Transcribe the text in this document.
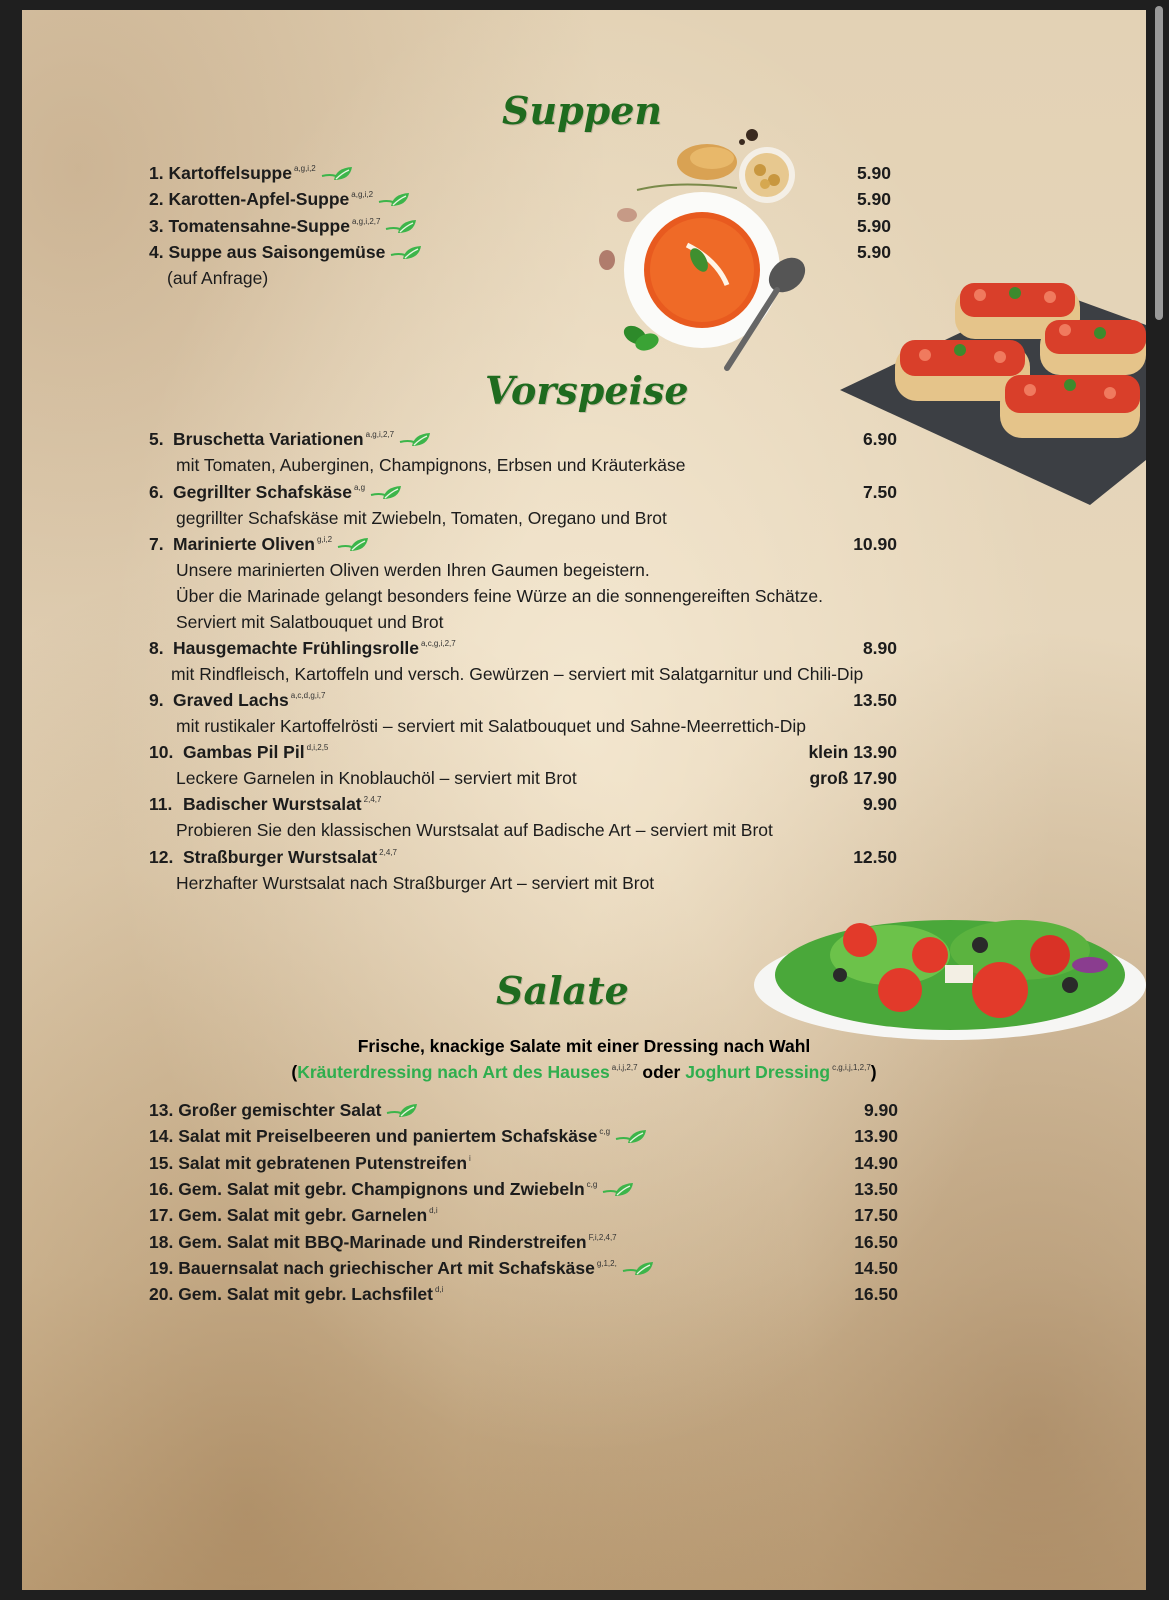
Suppen
1. Kartoffelsuppe $^{a,g,i,2}$	5.90
2. Karotten-Apfel-Suppe $^{a,g,i,2}$	5.90
3. Tomatensahne-Suppe $^{a,g,i,2,7}$	5.90
4. Suppe aus Saisongemüse	5.90
(auf Anfrage)
Vorspeise
5. Bruschetta Variationen $^{a,g,i,2,7}$	6.90
mit Tomaten, Auberginen, Champignons, Erbsen und Kräuterkäse
6. Gegrillter Schafskäse $^{a,g}$	7.50
gegrillter Schafskäse mit Zwiebeln, Tomaten, Oregano und Brot
7. Marinierte Oliven $^{g,i,2}$	10.90
Unsere marinierten Oliven werden Ihren Gaumen begeistern.
Über die Marinade gelangt besonders feine Würze an die sonnengereiften Schätze.
Serviert mit Salatbouquet und Brot
8. Hausgemachte Frühlingsrolle $^{a,c,g,i,2,7}$	8.90
mit Rindfleisch, Kartoffeln und versch. Gewürzen – serviert mit Salatgarnitur und Chili-Dip
9. Graved Lachs $^{a,c,d,g,i,7}$	13.50
mit rustikaler Kartoffelrösti – serviert mit Salatbouquet und Sahne-Meerrettich-Dip
10. Gambas Pil Pil $^{d,i,2,5}$	klein 13.90
Leckere Garnelen in Knoblauchöl – serviert mit Brot	groß 17.90
11. Badischer Wurstsalat $^{2,4,7}$	9.90
Probieren Sie den klassischen Wurstsalat auf Badische Art – serviert mit Brot
12. Straßburger Wurstsalat $^{2,4,7}$	12.50
Herzhafter Wurstsalat nach Straßburger Art – serviert mit Brot
Salate
Frische, knackige Salate mit einer Dressing nach Wahl
(Kräuterdressing nach Art des Hauses $^{a,i,j,2,7}$ oder Joghurt Dressing $^{c,g,i,j,1,2,7}$)
13. Großer gemischter Salat	9.90
14. Salat mit Preiselbeeren und paniertem Schafskäse $^{c,g}$	13.90
15. Salat mit gebratenen Putenstreifen $^i$	14.90
16. Gem. Salat mit gebr. Champignons und Zwiebeln $^{c,g}$	13.50
17. Gem. Salat mit gebr. Garnelen $^{d,i}$	17.50
18. Gem. Salat mit BBQ-Marinade und Rinderstreifen $^{F,i,2,4,7}$	16.50
19. Bauernsalat nach griechischer Art mit Schafskäse $^{g,1,2,}$	14.50
20. Gem. Salat mit gebr. Lachsfilet $^{d,i}$	16.50
